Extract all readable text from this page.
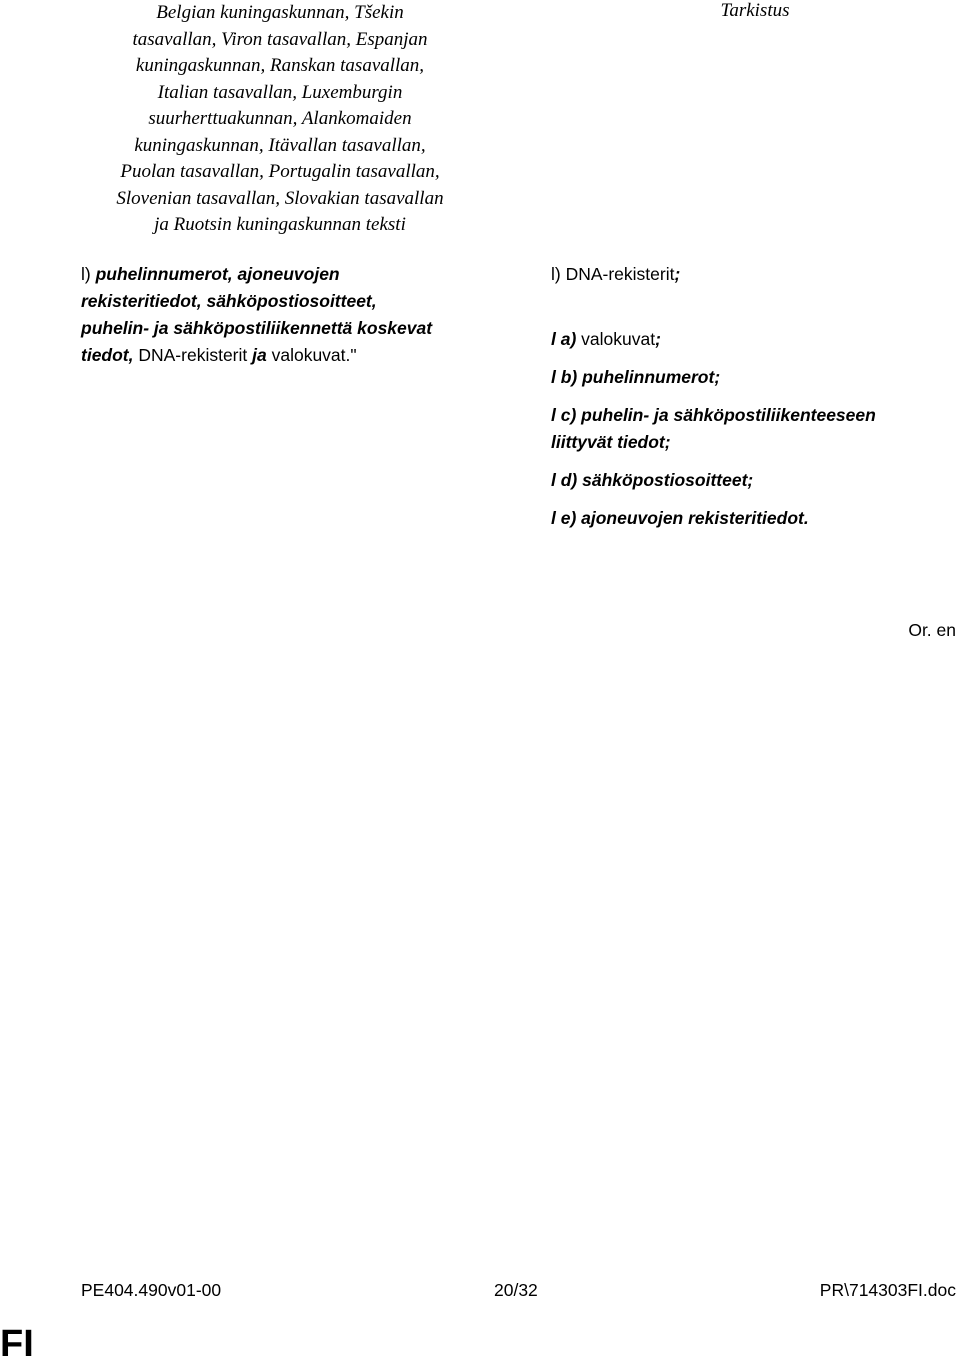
Belgian kuningaskunnan, Tšekin
tasavallan, Viron tasavallan, Espanjan
kuningaskunnan, Ranskan tasavallan,
Italian tasavallan, Luxemburgin
suurherttuakunnan, Alankomaiden
kuningaskunnan, Itävallan tasavallan,
Puolan tasavallan, Portugalin tasavallan,
Slovenian tasavallan, Slovakian tasavallan
ja Ruotsin kuningaskunnan teksti
Tarkistus
l) puhelinnumerot, ajoneuvojen
rekisteritiedot, sähköpostiosoitteet,
puhelin- ja sähköpostiliikennettä koskevat
tiedot, DNA-rekisterit ja valokuvat."
l) DNA-rekisterit;
l a) valokuvat;
l b) puhelinnumerot;
l c) puhelin- ja sähköpostiliikenteeseen
liittyvät tiedot;
l d) sähköpostiosoitteet;
l e) ajoneuvojen rekisteritiedot.
Or. en
PE404.490v01-00	20/32	PR\714303FI.doc
FI
